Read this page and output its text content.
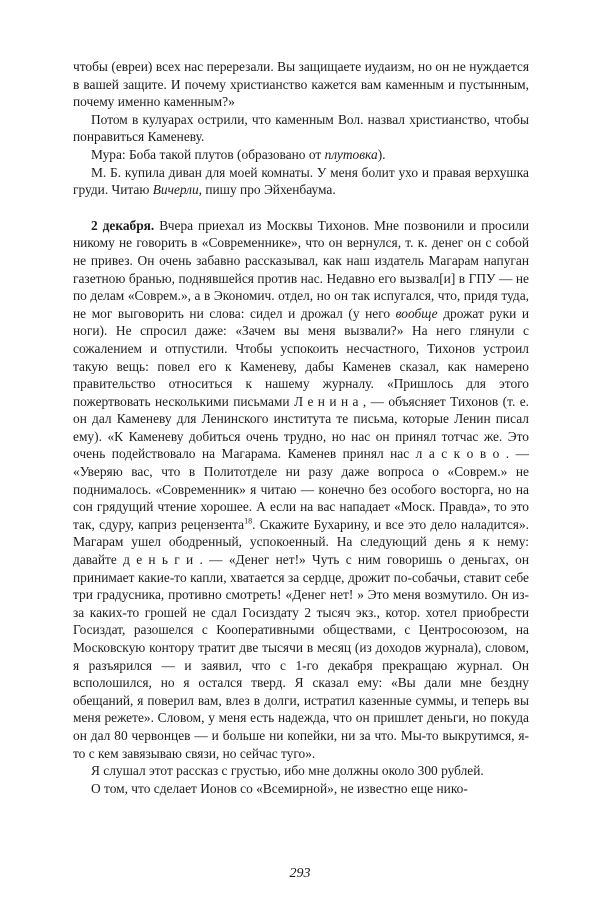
чтобы (евреи) всех нас перерезали. Вы защищаете иудаизм, но он не нуждается в вашей защите. И почему христианство кажется вам каменным и пустынным, почему именно каменным?»

Потом в кулуарах острили, что каменным Вол. назвал христианство, чтобы понравиться Каменеву.

Мура: Боба такой плутов (образовано от плутовка).

М. Б. купила диван для моей комнаты. У меня болит ухо и правая верхушка груди. Читаю Вичерли, пишу про Эйхенбаума.

2 декабря. Вчера приехал из Москвы Тихонов. Мне позвонили и просили никому не говорить в «Современнике», что он вернулся, т. к. денег он с собой не привез. Он очень забавно рассказывал, как наш издатель Магарам напуган газетною бранью, поднявшейся против нас. Недавно его вызвал[и] в ГПУ — не по делам «Соврем.», а в Экономич. отдел, но он так испугался, что, придя туда, не мог выговорить ни слова: сидел и дрожал (у него вообще дрожат руки и ноги). Не спросил даже: «Зачем вы меня вызвали?» На него глянули с сожалением и отпустили. Чтобы успокоить несчастного, Тихонов устроил такую вещь: повел его к Каменеву, дабы Каменев сказал, как намерено правительство относиться к нашему журналу. «Пришлось для этого пожертвовать несколькими письмами Л е н и н а , — объясняет Тихонов (т. е. он дал Каменеву для Ленинского института те письма, которые Ленин писал ему). «К Каменеву добиться очень трудно, но нас он принял тотчас же. Это очень подействовало на Магарама. Каменев принял нас л а с к о в о . — «Уверяю вас, что в Политотделе ни разу даже вопроса о «Соврем.» не поднималось. «Современник» я читаю — конечно без особого восторга, но на сон грядущий чтение хорошее. А если на вас нападает «Моск. Правда», то это так, сдуру, каприз рецензента$^{18}$. Скажите Бухарину, и все это дело наладится». Магарам ушел ободренный, успокоенный. На следующий день я к нему: давайте д е н ь г и . — «Денег нет!» Чуть с ним говоришь о деньгах, он принимает какие-то капли, хватается за сердце, дрожит по-собачьи, ставит себе три градусника, противно смотреть! «Денег нет! » Это меня возмутило. Он из-за каких-то грошей не сдал Госиздату 2 тысяч экз., котор. хотел приобрести Госиздат, разошелся с Кооперативными обществами, с Центросоюзом, на Московскую контору тратит две тысячи в месяц (из доходов журнала), словом, я разъярился — и заявил, что с 1-го декабря прекращаю журнал. Он всполошился, но я остался тверд. Я сказал ему: «Вы дали мне бездну обещаний, я поверил вам, влез в долги, истратил казенные суммы, и теперь вы меня режете». Словом, у меня есть надежда, что он пришлет деньги, но покуда он дал 80 червонцев — и больше ни копейки, ни за что. Мы-то выкрутимся, я-то с кем завязываю связи, но сейчас туго».

Я слушал этот рассказ с грустью, ибо мне должны около 300 рублей.

О том, что сделает Ионов со «Всемирной», не известно еще нико-

293
